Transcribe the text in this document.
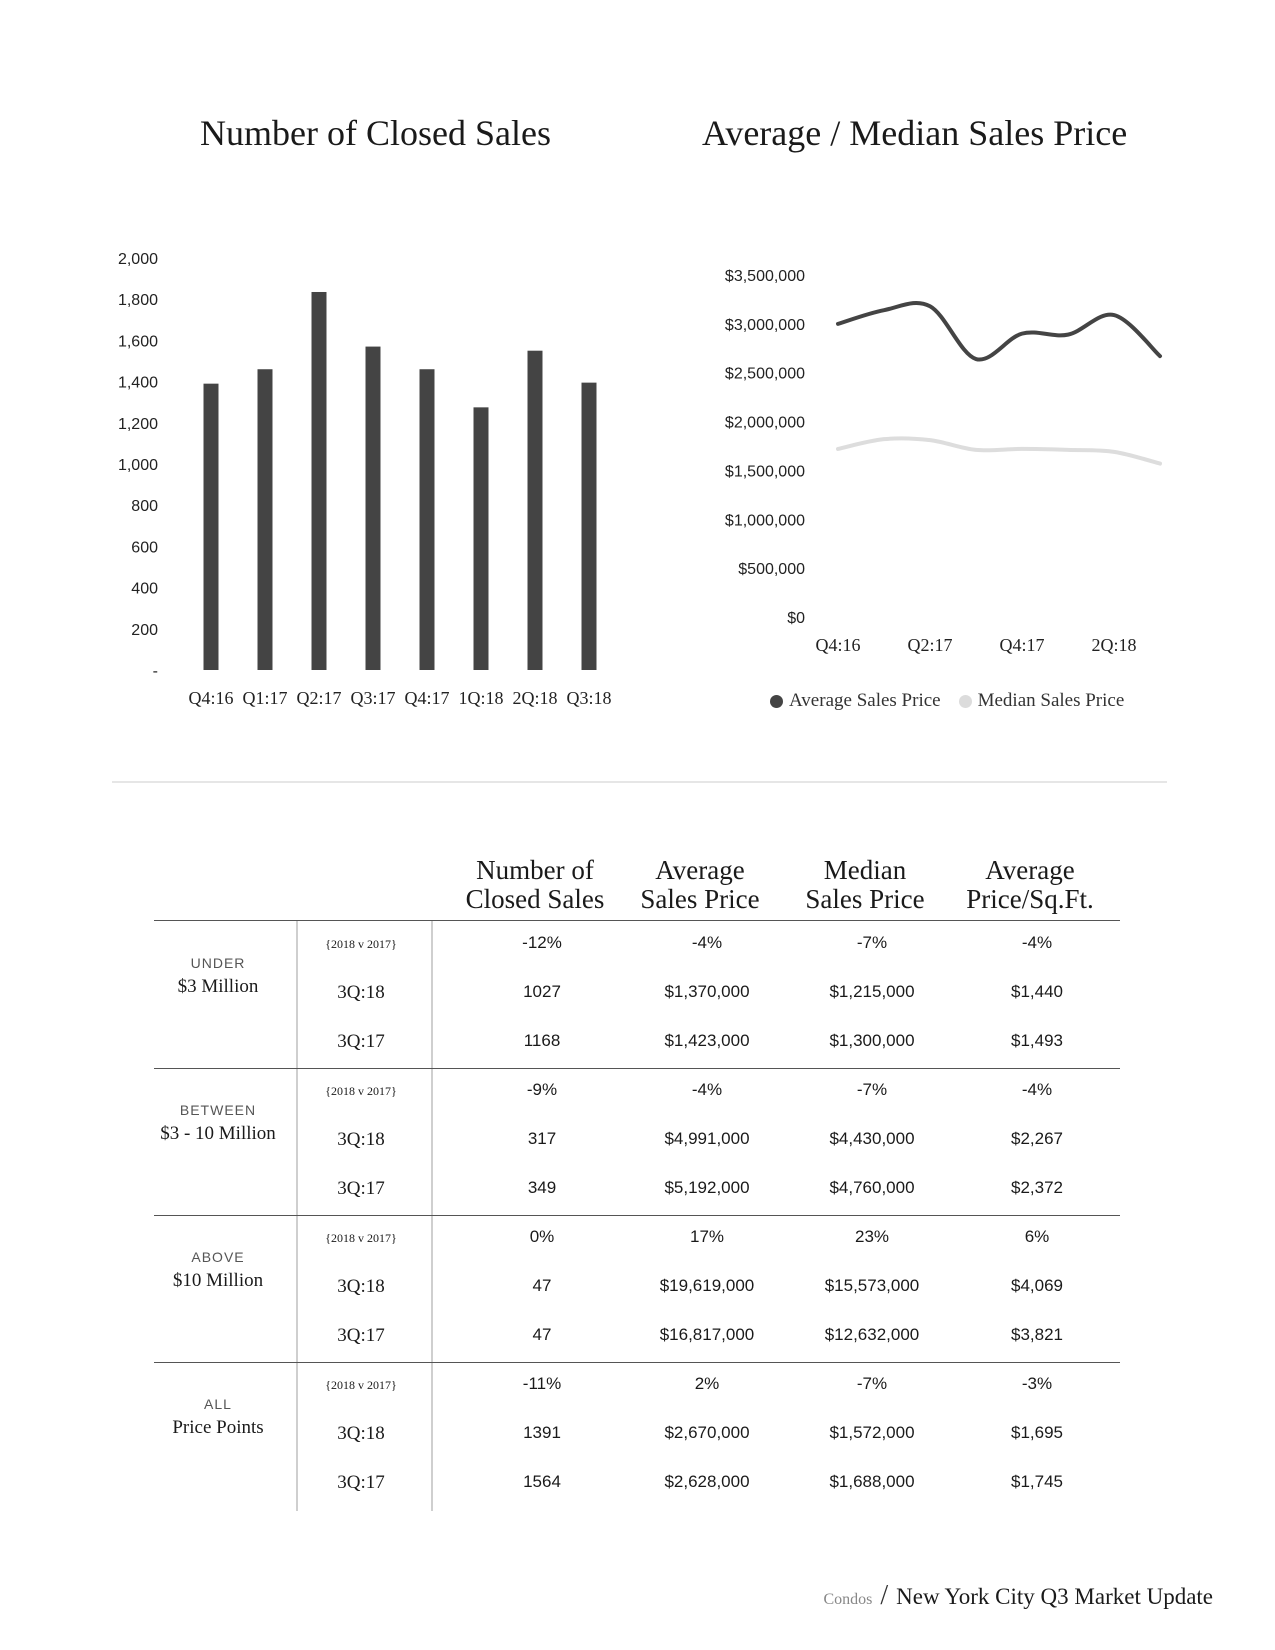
Number of Closed Sales	Average / Median Sales Price
-
200
400
600
800
1,000
1,200
1,400
1,600
1,800
2,000
Q4:16 Q1:17 Q2:17 Q3:17 Q4:17 1Q:18 2Q:18 Q3:18
$0
$500,000
$1,000,000
$1,500,000
$2,000,000
$2,500,000
$3,000,000
$3,500,000
Q4:16	Q2:17	Q4:17	2Q:18
Average Sales Price Median Sales Price
Number of
Closed Sales
Average
Sales Price
Median
Sales Price
Average
Price/Sq.Ft.
UNDER
$3 Million
{2018 v 2017}	-12%	-4%	-7%	-4%
3Q:18	1027	$1,370,000	$1,215,000	$1,440
3Q:17	1168	$1,423,000	$1,300,000	$1,493
BETWEEN
$3 - 10 Million
{2018 v 2017}	-9%	-4%	-7%	-4%
3Q:18	317	$4,991,000	$4,430,000	$2,267
3Q:17	349	$5,192,000	$4,760,000	$2,372
ABOVE
$10 Million
{2018 v 2017}	0%	17%	23%	6%
3Q:18	47	$19,619,000	$15,573,000	$4,069
3Q:17	47	$16,817,000	$12,632,000	$3,821
ALL
Price Points
{2018 v 2017}	-11%	2%	-7%	-3%
3Q:18	1391	$2,670,000	$1,572,000	$1,695
3Q:17	1564	$2,628,000	$1,688,000	$1,745
Condos / New York City Q3 Market Update
